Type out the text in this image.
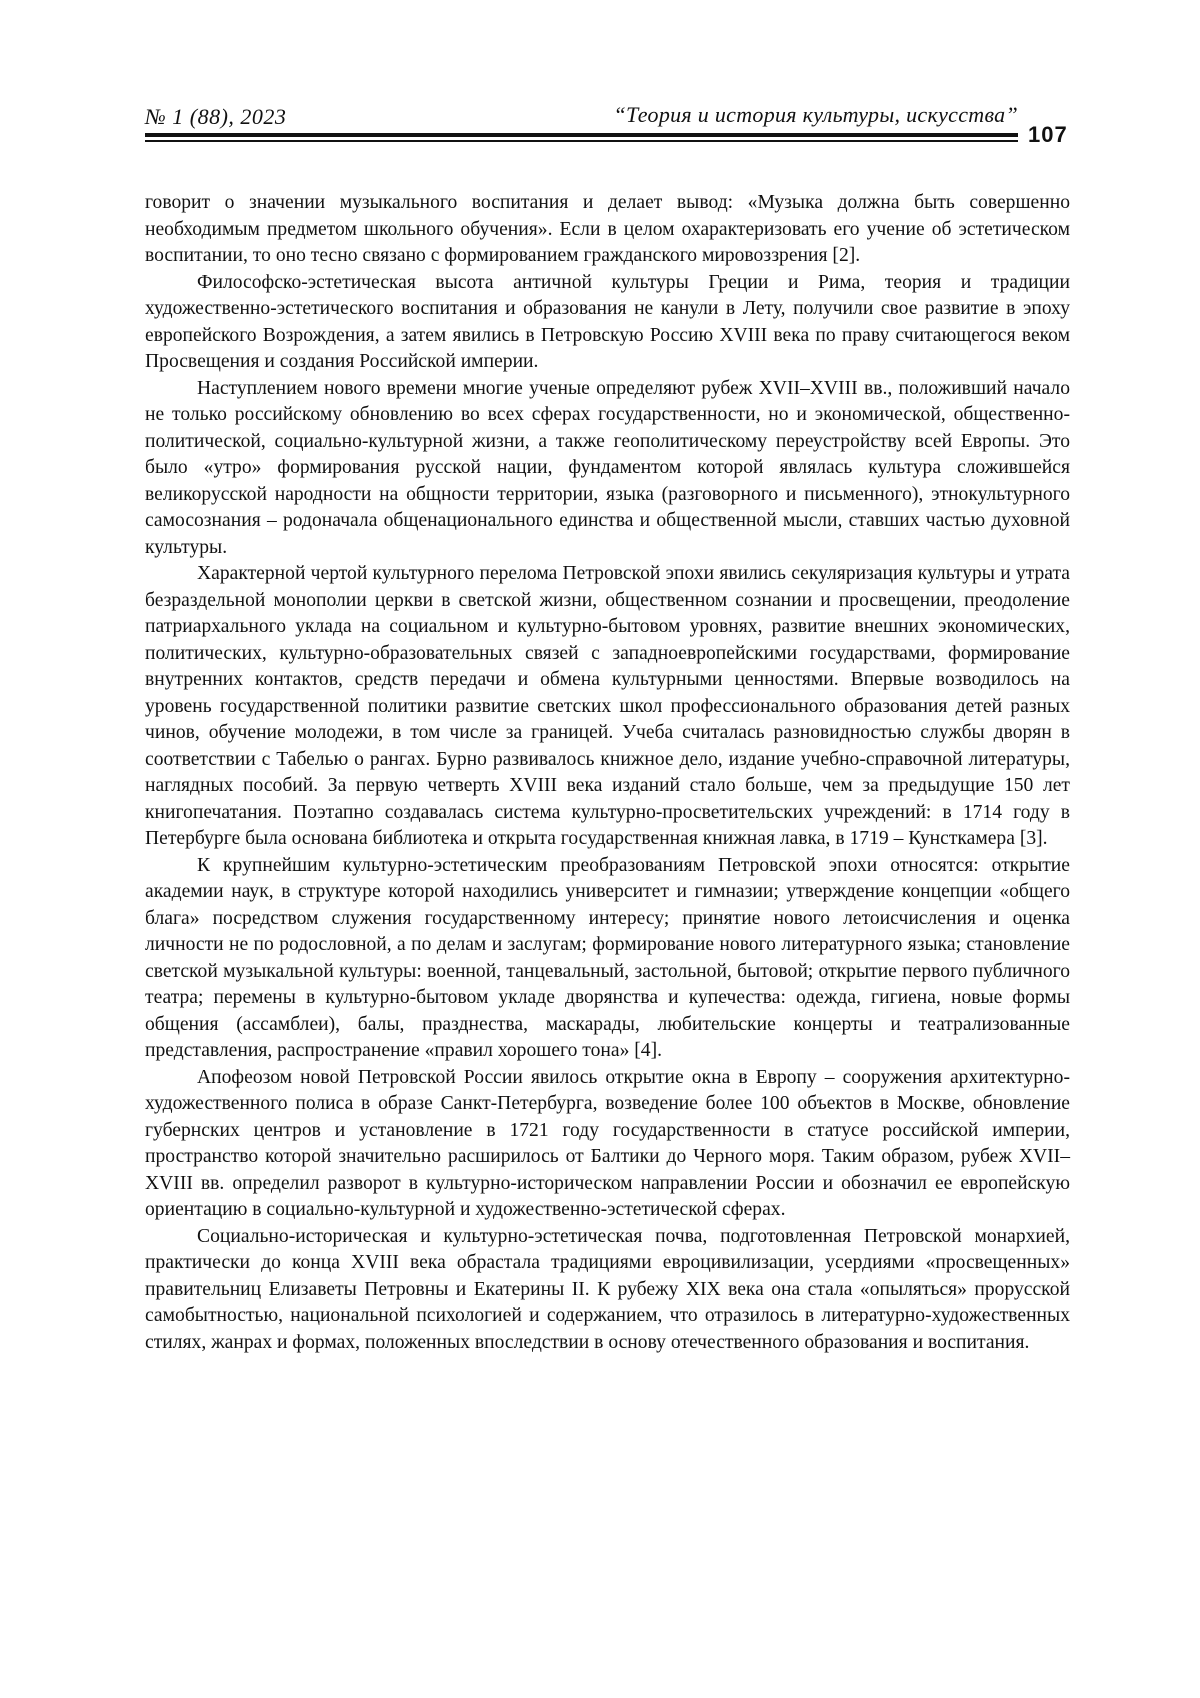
№ 1 (88), 2023	“Теория и история культуры, искусства”
107

говорит о значении музыкального воспитания и делает вывод: «Музыка должна быть совершенно необходимым предметом школьного обучения». Если в целом охарактеризовать его учение об эстетическом воспитании, то оно тесно связано с формированием гражданского мировоззрения [2].

Философско-эстетическая высота античной культуры Греции и Рима, теория и традиции художественно-эстетического воспитания и образования не канули в Лету, получили свое развитие в эпоху европейского Возрождения, а затем явились в Петровскую Россию XVIII века по праву считающегося веком Просвещения и создания Российской империи.

Наступлением нового времени многие ученые определяют рубеж XVII–XVIII вв., положивший начало не только российскому обновлению во всех сферах государственности, но и экономической, общественно-политической, социально-культурной жизни, а также геополитическому переустройству всей Европы. Это было «утро» формирования русской нации, фундаментом которой являлась культура сложившейся великорусской народности на общности территории, языка (разговорного и письменного), этнокультурного самосознания – родоначала общенационального единства и общественной мысли, ставших частью духовной культуры.

Характерной чертой культурного перелома Петровской эпохи явились секуляризация культуры и утрата безраздельной монополии церкви в светской жизни, общественном сознании и просвещении, преодоление патриархального уклада на социальном и культурно-бытовом уровнях, развитие внешних экономических, политических, культурно-образовательных связей с западноевропейскими государствами, формирование внутренних контактов, средств передачи и обмена культурными ценностями. Впервые возводилось на уровень государственной политики развитие светских школ профессионального образования детей разных чинов, обучение молодежи, в том числе за границей. Учеба считалась разновидностью службы дворян в соответствии с Табелью о рангах. Бурно развивалось книжное дело, издание учебно-справочной литературы, наглядных пособий. За первую четверть XVIII века изданий стало больше, чем за предыдущие 150 лет книгопечатания. Поэтапно создавалась система культурно-просветительских учреждений: в 1714 году в Петербурге была основана библиотека и открыта государственная книжная лавка, в 1719 – Кунсткамера [3].

К крупнейшим культурно-эстетическим преобразованиям Петровской эпохи относятся: открытие академии наук, в структуре которой находились университет и гимназии; утверждение концепции «общего блага» посредством служения государственному интересу; принятие нового летоисчисления и оценка личности не по родословной, а по делам и заслугам; формирование нового литературного языка; становление светской музыкальной культуры: военной, танцевальный, застольной, бытовой; открытие первого публичного театра; перемены в культурно-бытовом укладе дворянства и купечества: одежда, гигиена, новые формы общения (ассамблеи), балы, празднества, маскарады, любительские концерты и театрализованные представления, распространение «правил хорошего тона» [4].

Апофеозом новой Петровской России явилось открытие окна в Европу – сооружения архитектурно-художественного полиса в образе Санкт-Петербурга, возведение более 100 объектов в Москве, обновление губернских центров и установление в 1721 году государственности в статусе российской империи, пространство которой значительно расширилось от Балтики до Черного моря. Таким образом, рубеж XVII–XVIII вв. определил разворот в культурно-историческом направлении России и обозначил ее европейскую ориентацию в социально-культурной и художественно-эстетической сферах.

Социально-историческая и культурно-эстетическая почва, подготовленная Петровской монархией, практически до конца XVIII века обрастала традициями евроцивилизации, усердиями «просвещенных» правительниц Елизаветы Петровны и Екатерины II. К рубежу XIX века она стала «опыляться» прорусской самобытностью, национальной психологией и содержанием, что отразилось в литературно-художественных стилях, жанрах и формах, положенных впоследствии в основу отечественного образования и воспитания.
